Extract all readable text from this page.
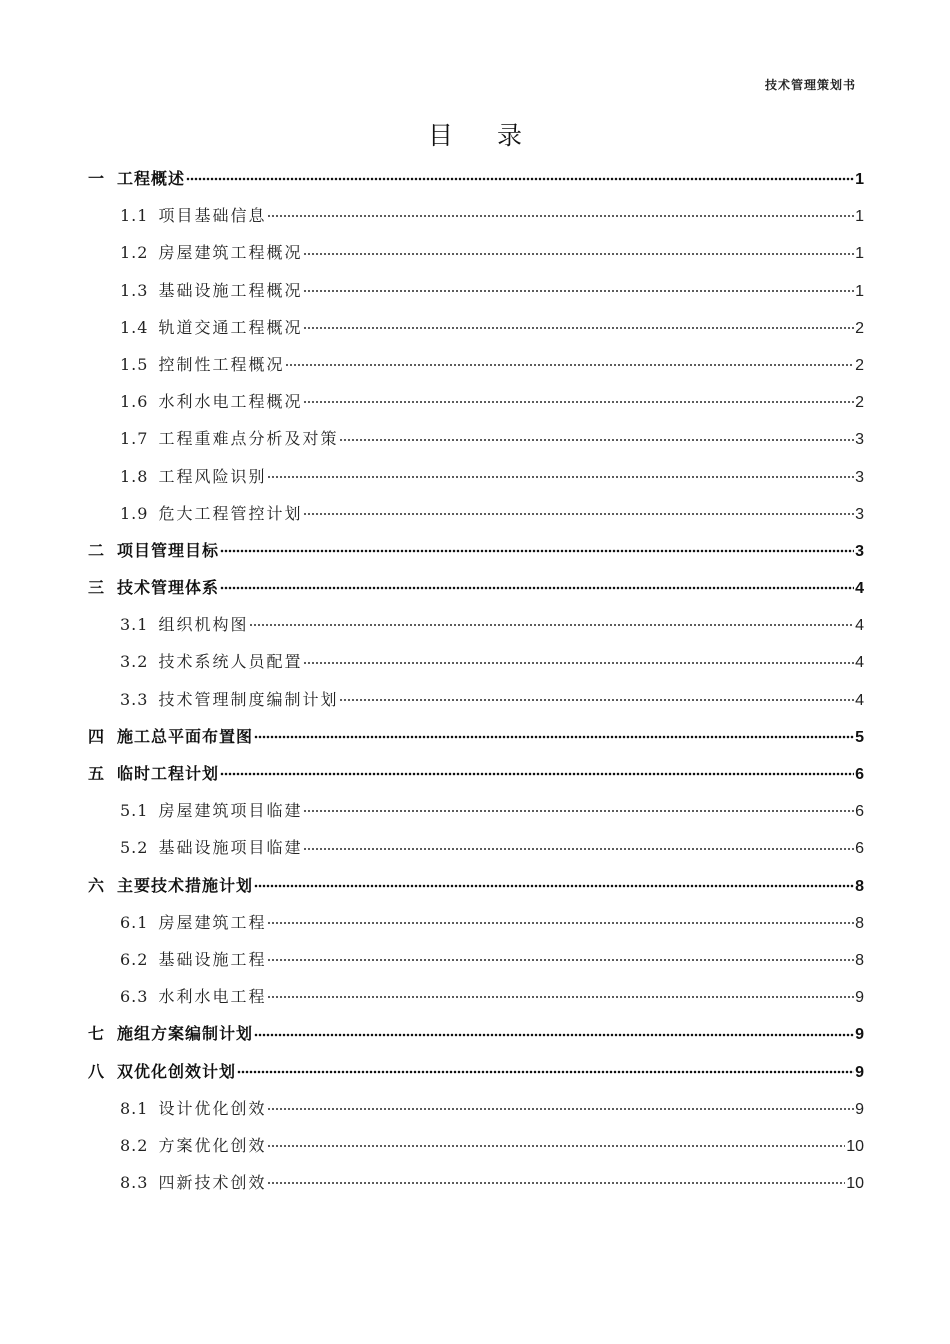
技术管理策划书
目 录
一 工程概述	1
1.1 项目基础信息	1
1.2 房屋建筑工程概况	1
1.3 基础设施工程概况	1
1.4 轨道交通工程概况	2
1.5 控制性工程概况	2
1.6 水利水电工程概况	2
1.7 工程重难点分析及对策	3
1.8 工程风险识别	3
1.9 危大工程管控计划	3
二 项目管理目标	3
三 技术管理体系	4
3.1 组织机构图	4
3.2 技术系统人员配置	4
3.3 技术管理制度编制计划	4
四 施工总平面布置图	5
五 临时工程计划	6
5.1 房屋建筑项目临建	6
5.2 基础设施项目临建	6
六 主要技术措施计划	8
6.1 房屋建筑工程	8
6.2 基础设施工程	8
6.3 水利水电工程	9
七 施组方案编制计划	9
八 双优化创效计划	9
8.1 设计优化创效	9
8.2 方案优化创效	10
8.3 四新技术创效	10
